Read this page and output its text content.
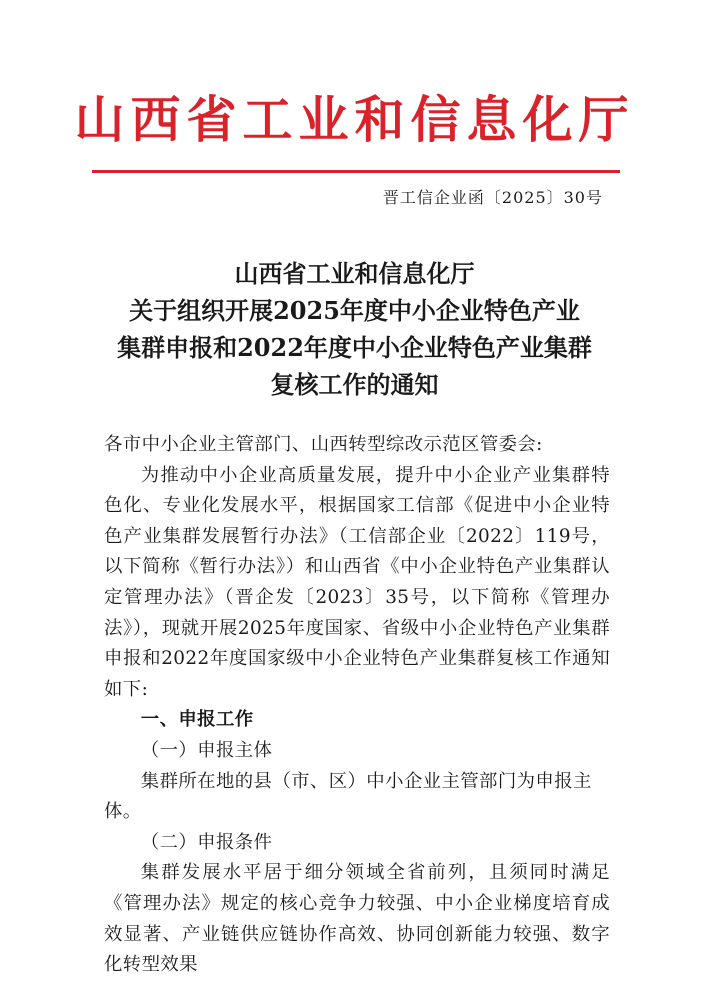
山西省工业和信息化厅
晋工信企业函〔2025〕30号
山西省工业和信息化厅
关于组织开展2025年度中小企业特色产业
集群申报和2022年度中小企业特色产业集群
复核工作的通知

各市中小企业主管部门、山西转型综改示范区管委会:

为推动中小企业高质量发展，提升中小企业产业集群特色化、专业化发展水平，根据国家工信部《促进中小企业特色产业集群发展暂行办法》（工信部企业〔2022〕119号，以下简称《暂行办法》）和山西省《中小企业特色产业集群认定管理办法》（晋企发〔2023〕35号，以下简称《管理办法》），现就开展2025年度国家、省级中小企业特色产业集群申报和2022年度国家级中小企业特色产业集群复核工作通知如下:

一、申报工作

（一）申报主体

集群所在地的县（市、区）中小企业主管部门为申报主体。

（二）申报条件

集群发展水平居于细分领域全省前列，且须同时满足《管理办法》规定的核心竞争力较强、中小企业梯度培育成效显著、产业链供应链协作高效、协同创新能力较强、数字化转型效果
